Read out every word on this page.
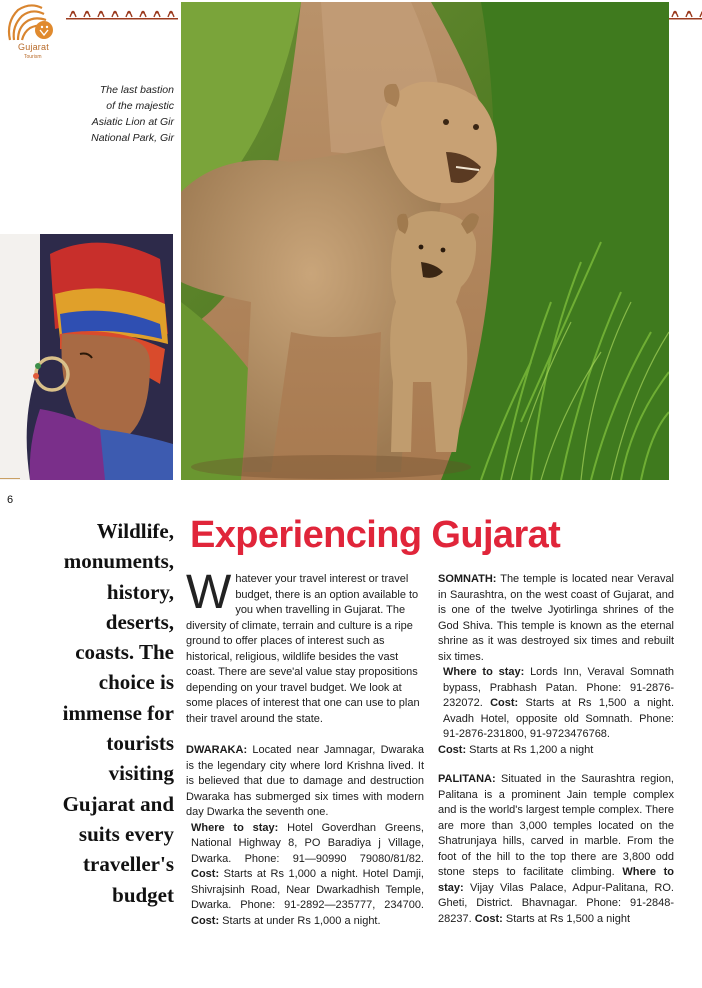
Gujarat
Tourism
The last bastion
of the majestic
Asiatic Lion at Gir
National Park, Gir
6
Wildlife,
monuments,
history,
deserts,
coasts. The
choice is
immense for
tourists
visiting
Gujarat and
suits every
traveller's
budget
Experiencing Gujarat

Whatever your travel interest or travel budget, there is an option available to you when travelling in Gujarat. The diversity of climate, terrain and culture is a ripe ground to offer places of interest such as historical, religious, wildlife besides the vast coast. There are seve'al value stay propositions depending on your travel budget. We look at some places of interest that one can use to plan their travel around the state.

DWARAKA: Located near Jamnagar, Dwaraka is the legendary city where lord Krishna lived. It is believed that due to damage and destruction Dwaraka has submerged six times with modern day Dwarka the seventh one.

Where to stay: Hotel Goverdhan Greens, National Highway 8, PO Baradiya j Village, Dwarka. Phone: 91—90990 79080/81/82. Cost: Starts at Rs 1,000 a night. Hotel Damji, Shivrajsinh Road, Near Dwarkadhish Temple, Dwarka. Phone: 91-2892—235777, 234700. Cost: Starts at under Rs 1,000 a night.

SOMNATH: The temple is located near Veraval in Saurashtra, on the west coast of Gujarat, and is one of the twelve Jyotirlinga shrines of the God Shiva. This temple is known as the eternal shrine as it was destroyed six times and rebuilt six times.

Where to stay: Lords Inn, Veraval Somnath bypass, Prabhash Patan. Phone: 91-2876-232072. Cost: Starts at Rs 1,500 a night. Avadh Hotel, opposite old Somnath. Phone: 91-2876-231800, 91-9723476768.

Cost: Starts at Rs 1,200 a night

PALITANA: Situated in the Saurashtra region, Palitana is a prominent Jain temple complex and is the world's largest temple complex. There are more than 3,000 temples located on the Shatrunjaya hills, carved in marble. From the foot of the hill to the top there are 3,800 odd stone steps to facilitate climbing. Where to stay: Vijay Vilas Palace, Adpur-Palitana, RO. Gheti, District. Bhavnagar. Phone: 91-2848-28237. Cost: Starts at Rs 1,500 a night
